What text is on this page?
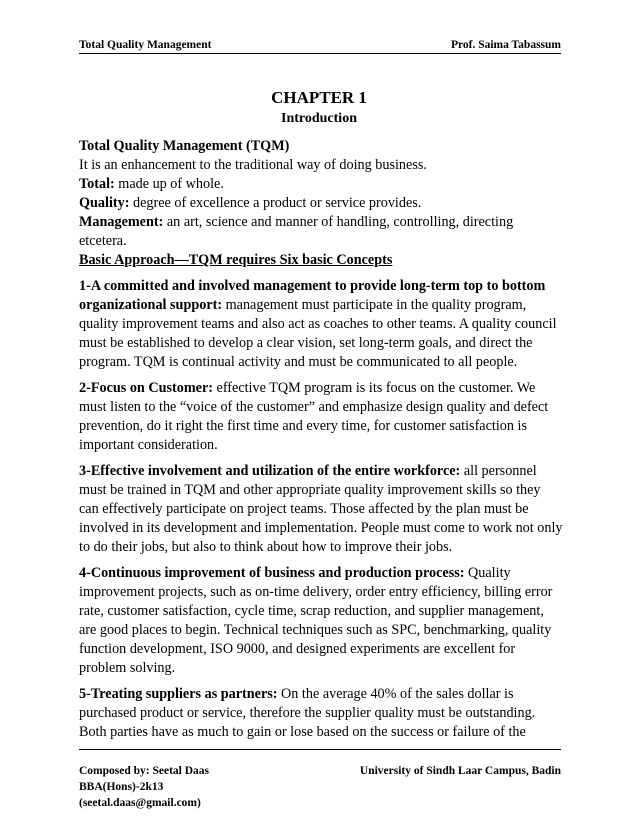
Total Quality Management	Prof. Saima Tabassum
CHAPTER 1
Introduction

Total Quality Management (TQM)

It is an enhancement to the traditional way of doing business.

Total: made up of whole.

Quality: degree of excellence a product or service provides.

Management: an art, science and manner of handling, controlling, directing etcetera.

Basic Approach—TQM requires Six basic Concepts

1-A committed and involved management to provide long-term top to bottom organizational support: management must participate in the quality program, quality improvement teams and also act as coaches to other teams. A quality council must be established to develop a clear vision, set long-term goals, and direct the program. TQM is continual activity and must be communicated to all people.

2-Focus on Customer: effective TQM program is its focus on the customer. We must listen to the “voice of the customer” and emphasize design quality and defect prevention, do it right the first time and every time, for customer satisfaction is important consideration.

3-Effective involvement and utilization of the entire workforce: all personnel must be trained in TQM and other appropriate quality improvement skills so they can effectively participate on project teams. Those affected by the plan must be involved in its development and implementation. People must come to work not only to do their jobs, but also to think about how to improve their jobs.

4-Continuous improvement of business and production process: Quality improvement projects, such as on-time delivery, order entry efficiency, billing error rate, customer satisfaction, cycle time, scrap reduction, and supplier management, are good places to begin. Technical techniques such as SPC, benchmarking, quality function development, ISO 9000, and designed experiments are excellent for problem solving.

5-Treating suppliers as partners: On the average 40% of the sales dollar is purchased product or service, therefore the supplier quality must be outstanding. Both parties have as much to gain or lose based on the success or failure of the

Composed by: Seetal Daas	University of Sindh Laar Campus, Badin
BBA(Hons)-2k13
(seetal.daas@gmail.com)
